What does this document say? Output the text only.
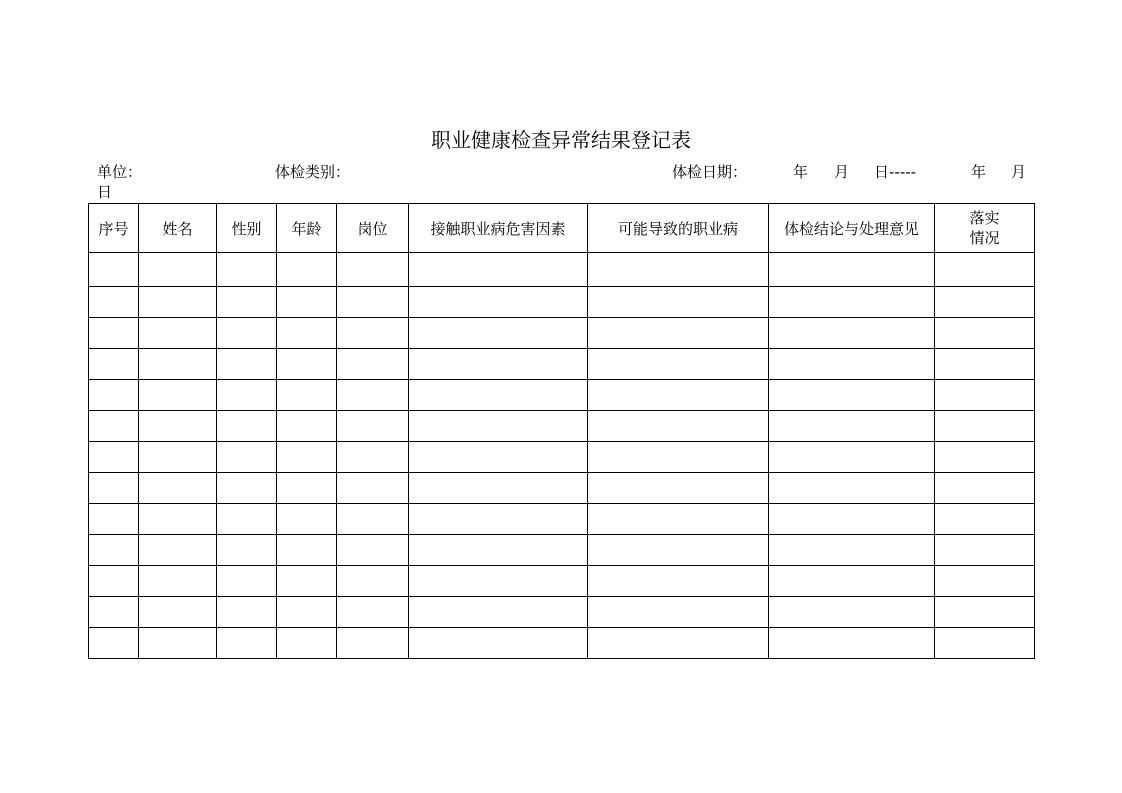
职业健康检查异常结果登记表
单位：	体检类别：	体检日期：	年 月 日-----	年 月
日
序号	姓名	性别	年龄	岗位	接触职业病危害因素	可能导致的职业病	体检结论与处理意见	落实
情况
